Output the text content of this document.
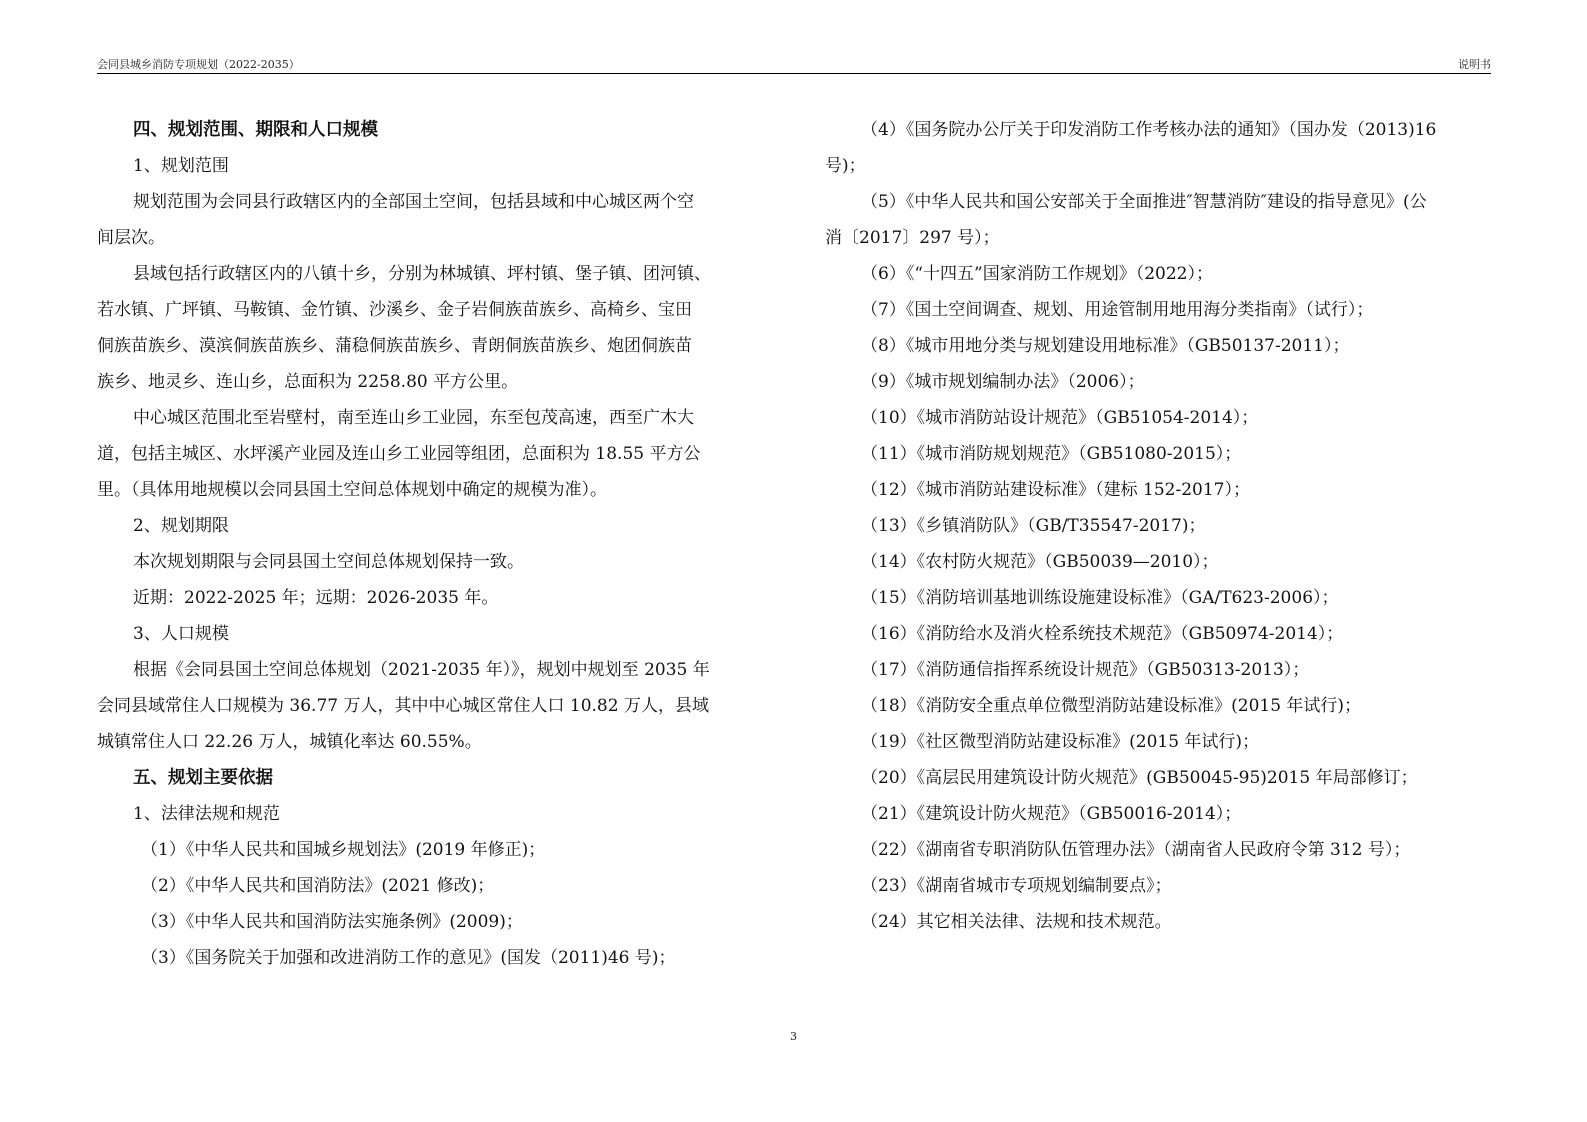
会同县城乡消防专项规划（2022-2035）	说明书

四、规划范围、期限和人口规模

1、规划范围

规划范围为会同县行政辖区内的全部国土空间，包括县域和中心城区两个空

间层次。

县域包括行政辖区内的八镇十乡，分别为林城镇、坪村镇、堡子镇、团河镇、

若水镇、广坪镇、马鞍镇、金竹镇、沙溪乡、金子岩侗族苗族乡、高椅乡、宝田

侗族苗族乡、漠滨侗族苗族乡、蒲稳侗族苗族乡、青朗侗族苗族乡、炮团侗族苗

族乡、地灵乡、连山乡，总面积为 2258.80 平方公里。

中心城区范围北至岩壁村，南至连山乡工业园，东至包茂高速，西至广木大

道，包括主城区、水坪溪产业园及连山乡工业园等组团，总面积为 18.55 平方公

里。（具体用地规模以会同县国土空间总体规划中确定的规模为准）。

2、规划期限

本次规划期限与会同县国土空间总体规划保持一致。

近期：2022-2025 年；远期：2026-2035 年。

3、人口规模

根据《会同县国土空间总体规划（2021-2035 年）》，规划中规划至 2035 年

会同县域常住人口规模为 36.77 万人，其中中心城区常住人口 10.82 万人，县域

城镇常住人口 22.26 万人，城镇化率达 60.55%。

五、规划主要依据

1、法律法规和规范

（1）《中华人民共和国城乡规划法》(2019 年修正)；

（2）《中华人民共和国消防法》(2021 修改)；

（3）《中华人民共和国消防法实施条例》(2009)；

（3）《国务院关于加强和改进消防工作的意见》(国发（2011)46 号)；

（4）《国务院办公厅关于印发消防工作考核办法的通知》（国办发（2013)16

号)；

（5）《中华人民共和国公安部关于全面推进″智慧消防″建设的指导意见》(公

消〔2017〕297 号）；

（6）《“十四五”国家消防工作规划》（2022）；

（7）《国土空间调查、规划、用途管制用地用海分类指南》（试行）；

（8）《城市用地分类与规划建设用地标准》（GB50137-2011）；

（9）《城市规划编制办法》（2006）；

（10）《城市消防站设计规范》（GB51054-2014）；

（11）《城市消防规划规范》（GB51080-2015）；

（12）《城市消防站建设标准》（建标 152-2017）；

（13）《乡镇消防队》（GB/T35547-2017)；

（14）《农村防火规范》（GB50039—2010）；

（15）《消防培训基地训练设施建设标准》（GA/T623-2006）；

（16）《消防给水及消火栓系统技术规范》（GB50974-2014）；

（17）《消防通信指挥系统设计规范》（GB50313-2013）；

（18）《消防安全重点单位微型消防站建设标准》(2015 年试行)；

（19）《社区微型消防站建设标准》(2015 年试行)；

（20）《高层民用建筑设计防火规范》(GB50045-95)2015 年局部修订；

（21）《建筑设计防火规范》（GB50016-2014）；

（22）《湖南省专职消防队伍管理办法》（湖南省人民政府令第 312 号）；

（23）《湖南省城市专项规划编制要点》；

（24）其它相关法律、法规和技术规范。

3
